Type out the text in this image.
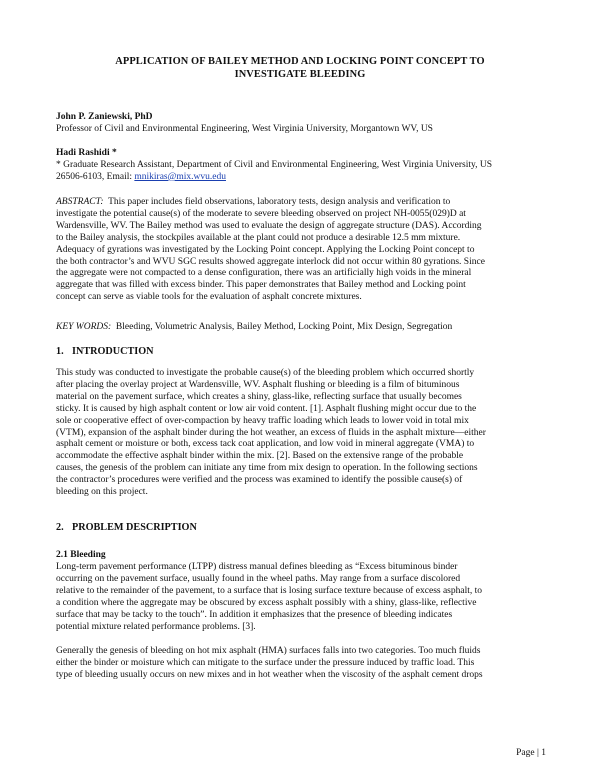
APPLICATION OF BAILEY METHOD AND LOCKING POINT CONCEPT TO
INVESTIGATE BLEEDING
John P. Zaniewski, PhD
Professor of Civil and Environmental Engineering, West Virginia University, Morgantown WV, US
Hadi Rashidi *
* Graduate Research Assistant, Department of Civil and Environmental Engineering, West Virginia University, US
26506-6103, Email: mnikiras@mix.wvu.edu
ABSTRACT: This paper includes field observations, laboratory tests, design analysis and verification to
investigate the potential cause(s) of the moderate to severe bleeding observed on project NH-0055(029)D at
Wardensville, WV. The Bailey method was used to evaluate the design of aggregate structure (DAS). According
to the Bailey analysis, the stockpiles available at the plant could not produce a desirable 12.5 mm mixture.
Adequacy of gyrations was investigated by the Locking Point concept. Applying the Locking Point concept to
the both contractor’s and WVU SGC results showed aggregate interlock did not occur within 80 gyrations. Since
the aggregate were not compacted to a dense configuration, there was an artificially high voids in the mineral
aggregate that was filled with excess binder. This paper demonstrates that Bailey method and Locking point
concept can serve as viable tools for the evaluation of asphalt concrete mixtures.
KEY WORDS: Bleeding, Volumetric Analysis, Bailey Method, Locking Point, Mix Design, Segregation
1. INTRODUCTION
This study was conducted to investigate the probable cause(s) of the bleeding problem which occurred shortly
after placing the overlay project at Wardensville, WV. Asphalt flushing or bleeding is a film of bituminous
material on the pavement surface, which creates a shiny, glass-like, reflecting surface that usually becomes
sticky. It is caused by high asphalt content or low air void content. [1]. Asphalt flushing might occur due to the
sole or cooperative effect of over-compaction by heavy traffic loading which leads to lower void in total mix
(VTM), expansion of the asphalt binder during the hot weather, an excess of fluids in the asphalt mixture—either
asphalt cement or moisture or both, excess tack coat application, and low void in mineral aggregate (VMA) to
accommodate the effective asphalt binder within the mix. [2]. Based on the extensive range of the probable
causes, the genesis of the problem can initiate any time from mix design to operation. In the following sections
the contractor’s procedures were verified and the process was examined to identify the possible cause(s) of
bleeding on this project.
2. PROBLEM DESCRIPTION
2.1 Bleeding
Long-term pavement performance (LTPP) distress manual defines bleeding as “Excess bituminous binder
occurring on the pavement surface, usually found in the wheel paths. May range from a surface discolored
relative to the remainder of the pavement, to a surface that is losing surface texture because of excess asphalt, to
a condition where the aggregate may be obscured by excess asphalt possibly with a shiny, glass-like, reflective
surface that may be tacky to the touch”. In addition it emphasizes that the presence of bleeding indicates
potential mixture related performance problems. [3].
Generally the genesis of bleeding on hot mix asphalt (HMA) surfaces falls into two categories. Too much fluids
either the binder or moisture which can mitigate to the surface under the pressure induced by traffic load. This
type of bleeding usually occurs on new mixes and in hot weather when the viscosity of the asphalt cement drops
Page | 1
